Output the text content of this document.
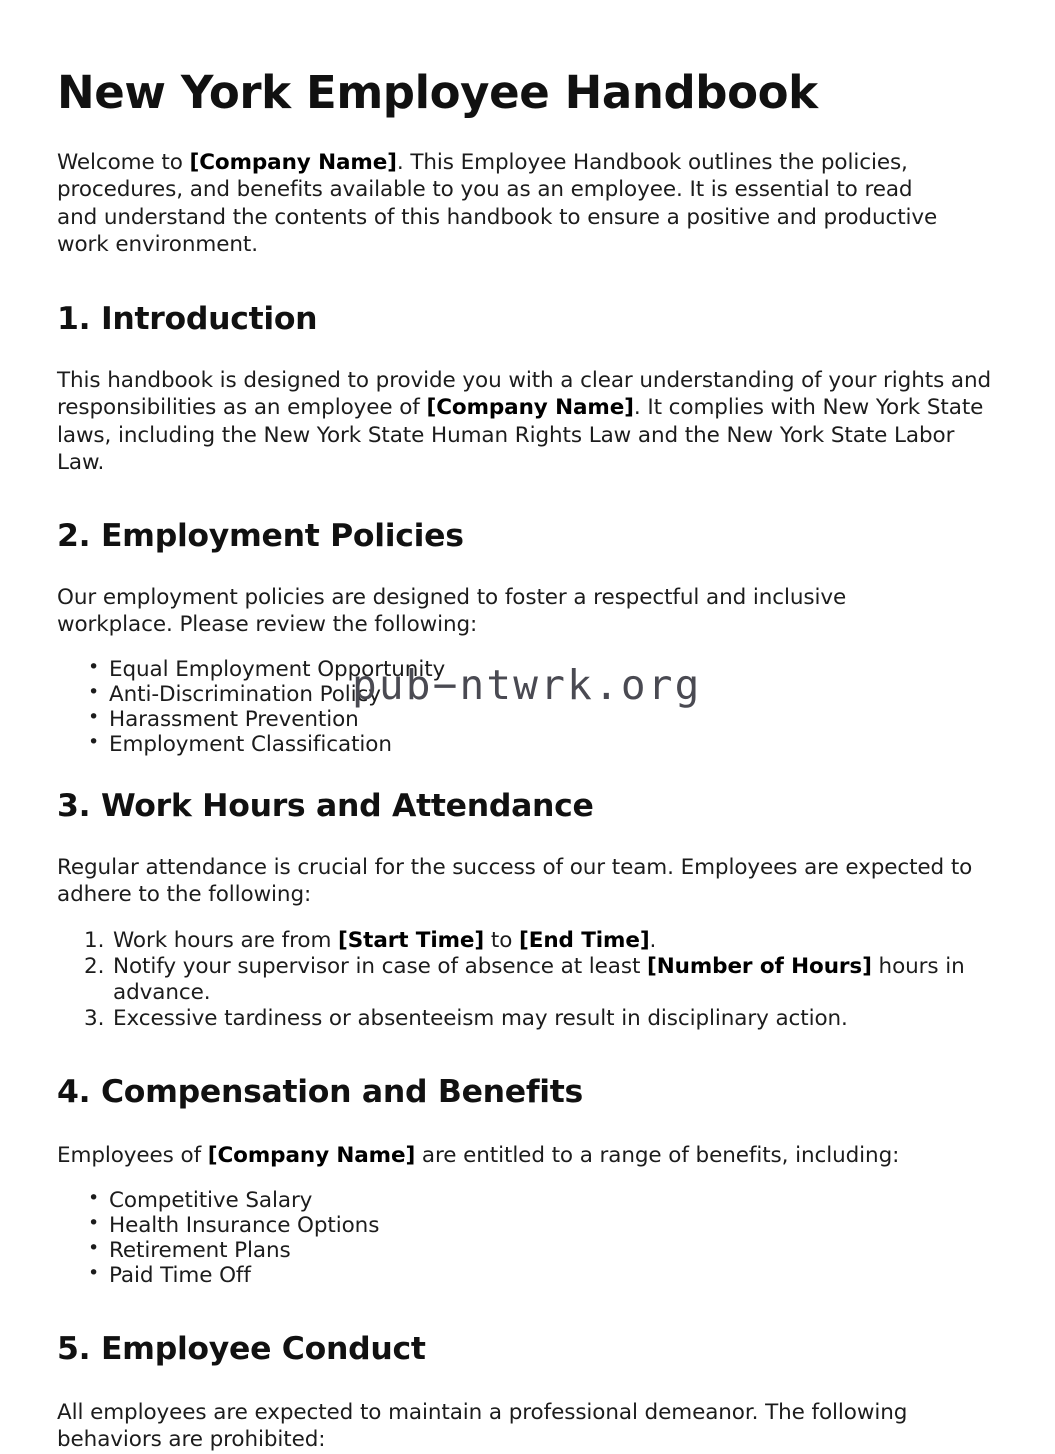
pub−ntwrk.org
New York Employee Handbook

Welcome to [Company Name]. This Employee Handbook outlines the policies, procedures, and benefits available to you as an employee. It is essential to read and understand the contents of this handbook to ensure a positive and productive work environment.

1. Introduction

This handbook is designed to provide you with a clear understanding of your rights and responsibilities as an employee of [Company Name]. It complies with New York State laws, including the New York State Human Rights Law and the New York State Labor Law.

2. Employment Policies

Our employment policies are designed to foster a respectful and inclusive workplace. Please review the following:

• Equal Employment Opportunity
• Anti-Discrimination Policy
• Harassment Prevention
• Employment Classification
3. Work Hours and Attendance

Regular attendance is crucial for the success of our team. Employees are expected to adhere to the following:

Work hours are from [Start Time] to [End Time].
Notify your supervisor in case of absence at least [Number of Hours] hours in advance.
Excessive tardiness or absenteeism may result in disciplinary action.
4. Compensation and Benefits

Employees of [Company Name] are entitled to a range of benefits, including:

• Competitive Salary
• Health Insurance Options
• Retirement Plans
• Paid Time Off
5. Employee Conduct

All employees are expected to maintain a professional demeanor. The following behaviors are prohibited:
